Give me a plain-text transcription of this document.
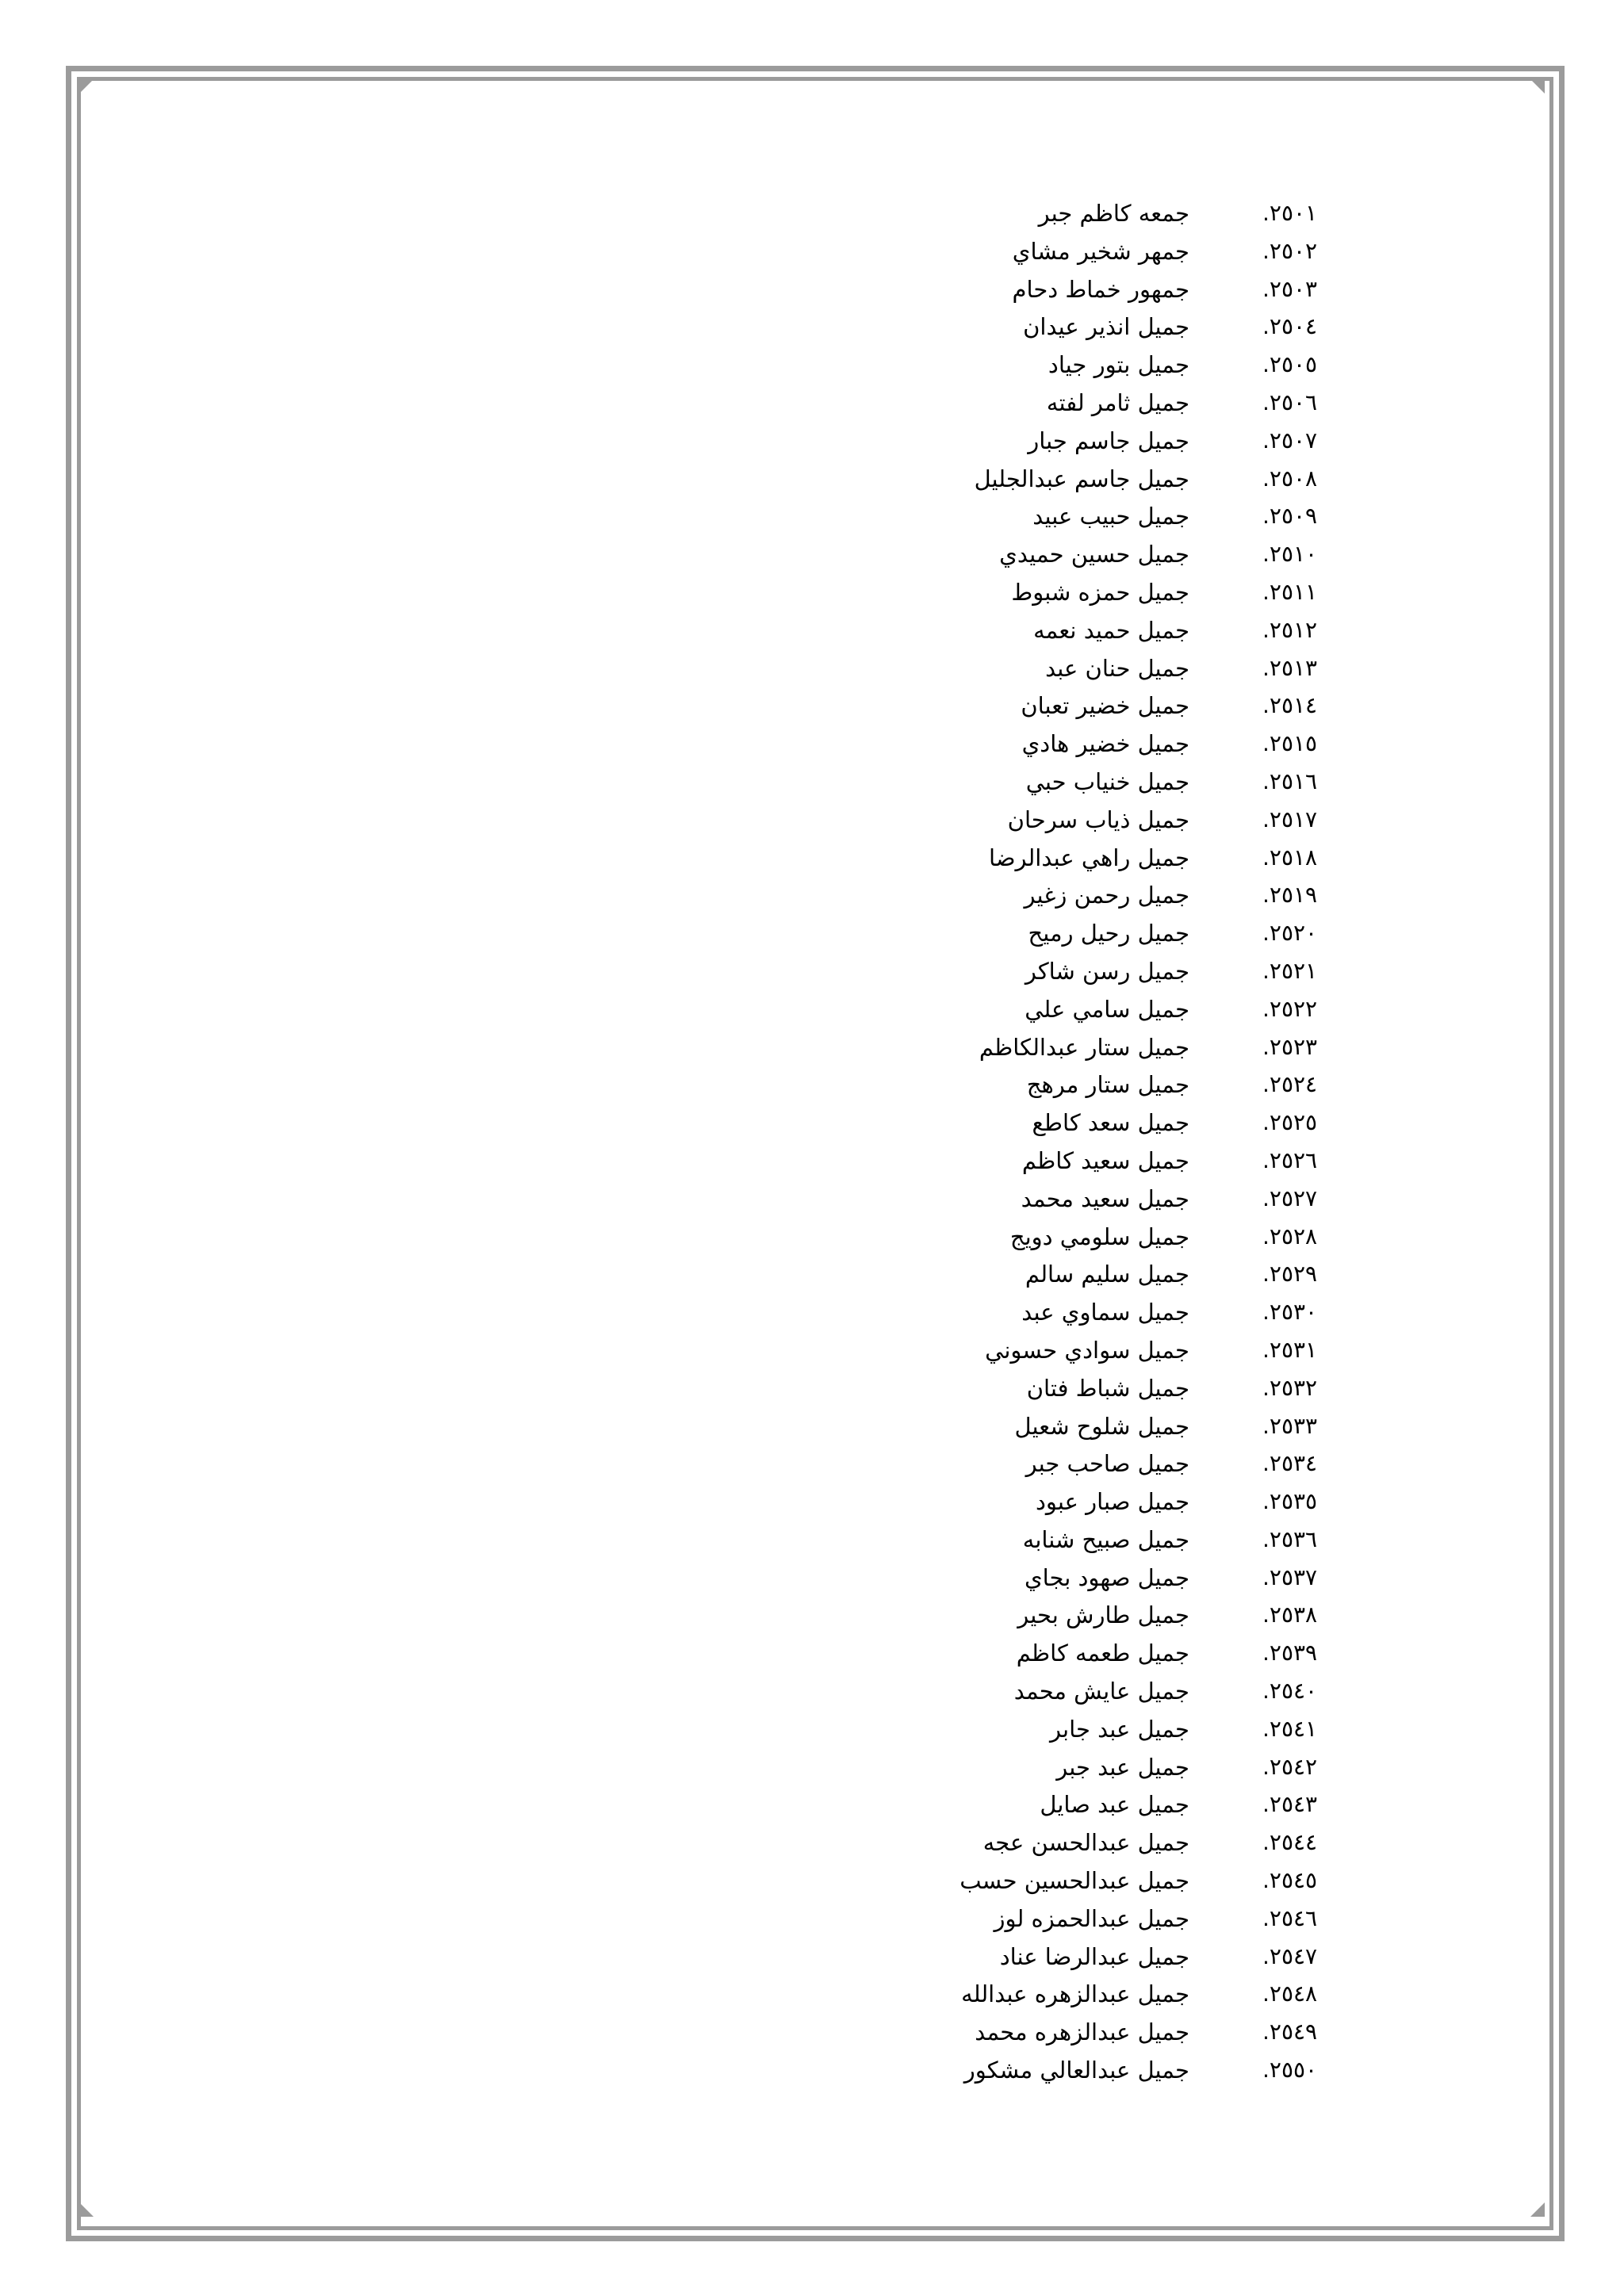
.٢٥٠١
جمعه كاظم جبر
.٢٥٠٢
جمهر شخير مشاي
.٢٥٠٣
جمهور خماط دحام
.٢٥٠٤
جميل انذير عيدان
.٢٥٠٥
جميل بتور جياد
.٢٥٠٦
جميل ثامر لفته
.٢٥٠٧
جميل جاسم جبار
.٢٥٠٨
جميل جاسم عبدالجليل
.٢٥٠٩
جميل حبيب عبيد
.٢٥١٠
جميل حسين حميدي
.٢٥١١
جميل حمزه شبوط
.٢٥١٢
جميل حميد نعمه
.٢٥١٣
جميل حنان عبد
.٢٥١٤
جميل خضير تعبان
.٢٥١٥
جميل خضير هادي
.٢٥١٦
جميل خنياب حبي
.٢٥١٧
جميل ذياب سرحان
.٢٥١٨
جميل راهي عبدالرضا
.٢٥١٩
جميل رحمن زغير
.٢٥٢٠
جميل رحيل رميح
.٢٥٢١
جميل رسن شاكر
.٢٥٢٢
جميل سامي علي
.٢٥٢٣
جميل ستار عبدالكاظم
.٢٥٢٤
جميل ستار مرهج
.٢٥٢٥
جميل سعد كاطع
.٢٥٢٦
جميل سعيد كاظم
.٢٥٢٧
جميل سعيد محمد
.٢٥٢٨
جميل سلومي دويج
.٢٥٢٩
جميل سليم سالم
.٢٥٣٠
جميل سماوي عبد
.٢٥٣١
جميل سوادي حسوني
.٢٥٣٢
جميل شباط فتان
.٢٥٣٣
جميل شلوح شعيل
.٢٥٣٤
جميل صاحب جبر
.٢٥٣٥
جميل صبار عبود
.٢٥٣٦
جميل صبيح شنابه
.٢٥٣٧
جميل صهود بجاي
.٢٥٣٨
جميل طارش بحير
.٢٥٣٩
جميل طعمه كاظم
.٢٥٤٠
جميل عايش محمد
.٢٥٤١
جميل عبد جابر
.٢٥٤٢
جميل عبد جبر
.٢٥٤٣
جميل عبد صايل
.٢٥٤٤
جميل عبدالحسن عجه
.٢٥٤٥
جميل عبدالحسين حسب
.٢٥٤٦
جميل عبدالحمزه لوز
.٢٥٤٧
جميل عبدالرضا عناد
.٢٥٤٨
جميل عبدالزهره عبدالله
.٢٥٤٩
جميل عبدالزهره محمد
.٢٥٥٠
جميل عبدالعالي مشكور
